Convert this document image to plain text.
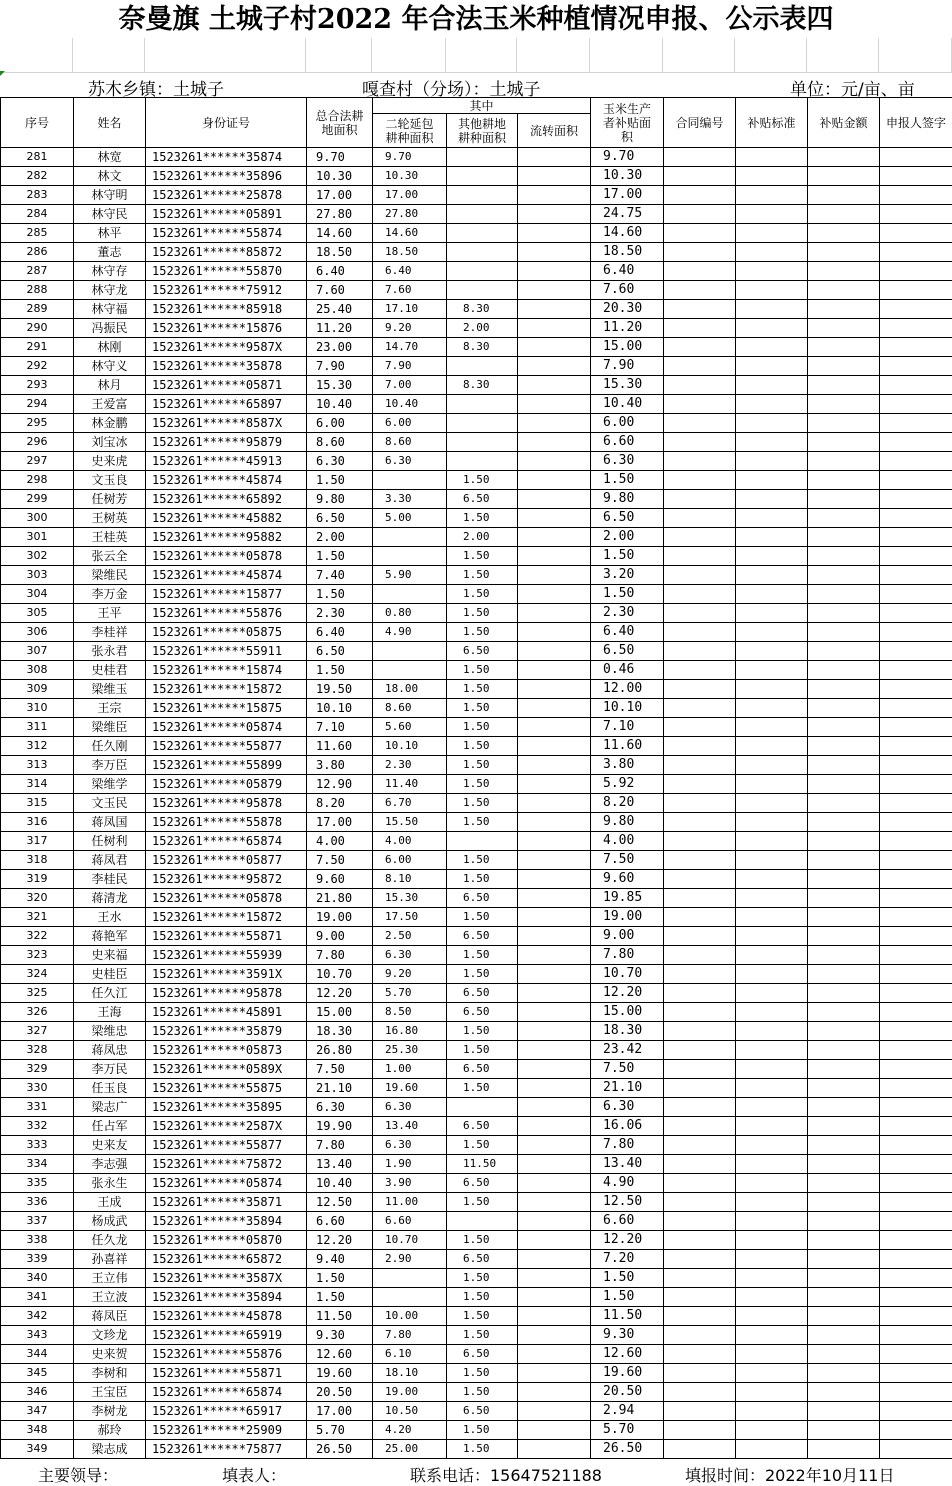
奈曼旗 土城子村2022 年合法玉米种植情况申报、公示表四
苏木乡镇：土城子	嘎查村（分场）：土城子	单位：元/亩、亩
序号	姓名	身份证号	总合法耕地面积	其中			玉米生产者补贴面积	合同编号	补贴标准	补贴金额	申报人签字
				二轮延包耕种面积	其他耕地耕种面积	流转面积					
281	林宽	1523261******35874	9.70	9.70			9.70				
282	林文	1523261******35896	10.30	10.30			10.30				
283	林守明	1523261******25878	17.00	17.00			17.00				
284	林守民	1523261******05891	27.80	27.80			24.75				
285	林平	1523261******55874	14.60	14.60			14.60				
286	董志	1523261******85872	18.50	18.50			18.50				
287	林守存	1523261******55870	6.40	6.40			6.40				
288	林守龙	1523261******75912	7.60	7.60			7.60				
289	林守福	1523261******85918	25.40	17.10	8.30		20.30				
290	冯振民	1523261******15876	11.20	9.20	2.00		11.20				
291	林刚	1523261******9587X	23.00	14.70	8.30		15.00				
292	林守义	1523261******35878	7.90	7.90			7.90				
293	林月	1523261******05871	15.30	7.00	8.30		15.30				
294	王爱富	1523261******65897	10.40	10.40			10.40				
295	林金鹏	1523261******8587X	6.00	6.00			6.00				
296	刘宝冰	1523261******95879	8.60	8.60			6.60				
297	史来虎	1523261******45913	6.30	6.30			6.30				
298	文玉良	1523261******45874	1.50		1.50		1.50				
299	任树芳	1523261******65892	9.80	3.30	6.50		9.80				
300	王树英	1523261******45882	6.50	5.00	1.50		6.50				
301	王桂英	1523261******95882	2.00		2.00		2.00				
302	张云全	1523261******05878	1.50		1.50		1.50				
303	梁维民	1523261******45874	7.40	5.90	1.50		3.20				
304	李万金	1523261******15877	1.50		1.50		1.50				
305	王平	1523261******55876	2.30	0.80	1.50		2.30				
306	李桂祥	1523261******05875	6.40	4.90	1.50		6.40				
307	张永君	1523261******55911	6.50		6.50		6.50				
308	史桂君	1523261******15874	1.50		1.50		0.46				
309	梁维玉	1523261******15872	19.50	18.00	1.50		12.00				
310	王宗	1523261******15875	10.10	8.60	1.50		10.10				
311	梁维臣	1523261******05874	7.10	5.60	1.50		7.10				
312	任久刚	1523261******55877	11.60	10.10	1.50		11.60				
313	李万臣	1523261******55899	3.80	2.30	1.50		3.80				
314	梁维学	1523261******05879	12.90	11.40	1.50		5.92				
315	文玉民	1523261******95878	8.20	6.70	1.50		8.20				
316	蒋凤国	1523261******55878	17.00	15.50	1.50		9.80				
317	任树利	1523261******65874	4.00	4.00			4.00				
318	蒋凤君	1523261******05877	7.50	6.00	1.50		7.50				
319	李桂民	1523261******95872	9.60	8.10	1.50		9.60				
320	蒋清龙	1523261******05878	21.80	15.30	6.50		19.85				
321	王水	1523261******15872	19.00	17.50	1.50		19.00				
322	蒋艳军	1523261******55871	9.00	2.50	6.50		9.00				
323	史来福	1523261******55939	7.80	6.30	1.50		7.80				
324	史桂臣	1523261******3591X	10.70	9.20	1.50		10.70				
325	任久江	1523261******95878	12.20	5.70	6.50		12.20				
326	王海	1523261******45891	15.00	8.50	6.50		15.00				
327	梁维忠	1523261******35879	18.30	16.80	1.50		18.30				
328	蒋凤忠	1523261******05873	26.80	25.30	1.50		23.42				
329	李万民	1523261******0589X	7.50	1.00	6.50		7.50				
330	任玉良	1523261******55875	21.10	19.60	1.50		21.10				
331	梁志广	1523261******35895	6.30	6.30			6.30				
332	任占军	1523261******2587X	19.90	13.40	6.50		16.06				
333	史来友	1523261******55877	7.80	6.30	1.50		7.80				
334	李志强	1523261******75872	13.40	1.90	11.50		13.40				
335	张永生	1523261******05874	10.40	3.90	6.50		4.90				
336	王成	1523261******35871	12.50	11.00	1.50		12.50				
337	杨成武	1523261******35894	6.60	6.60			6.60				
338	任久龙	1523261******05870	12.20	10.70	1.50		12.20				
339	孙喜祥	1523261******65872	9.40	2.90	6.50		7.20				
340	王立伟	1523261******3587X	1.50		1.50		1.50				
341	王立波	1523261******35894	1.50		1.50		1.50				
342	蒋凤臣	1523261******45878	11.50	10.00	1.50		11.50				
343	文珍龙	1523261******65919	9.30	7.80	1.50		9.30				
344	史来贺	1523261******55876	12.60	6.10	6.50		12.60				
345	李树和	1523261******55871	19.60	18.10	1.50		19.60				
346	王宝臣	1523261******65874	20.50	19.00	1.50		20.50				
347	李树龙	1523261******65917	17.00	10.50	6.50		2.94				
348	郝玲	1523261******25909	5.70	4.20	1.50		5.70				
349	梁志成	1523261******75877	26.50	25.00	1.50		26.50				
主要领导：	填表人：	联系电话：15647521188	填报时间：2022年10月11日
